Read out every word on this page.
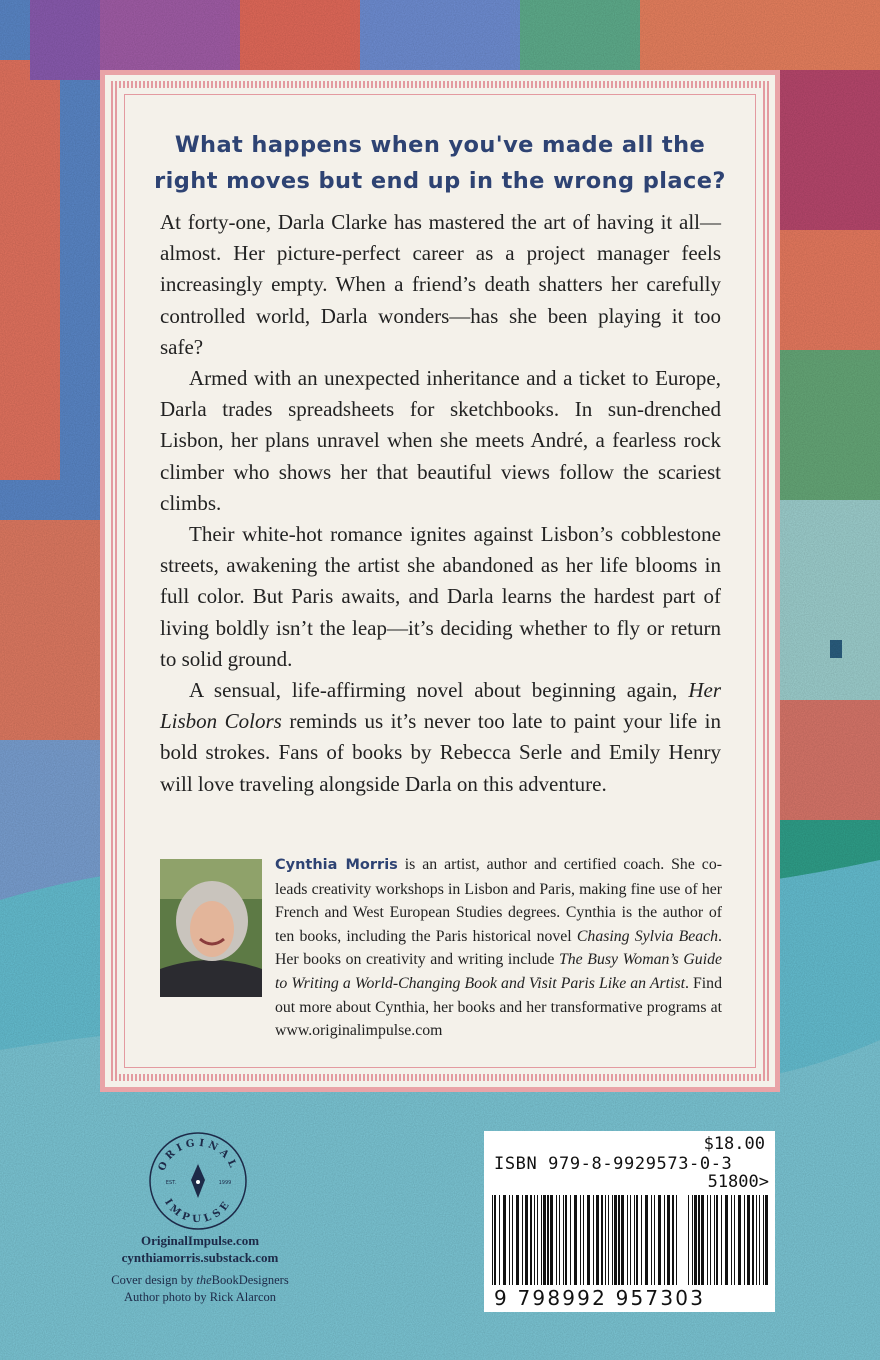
What happens when you've made all the right moves but end up in the wrong place?

At forty-one, Darla Clarke has mastered the art of having it all—almost. Her picture-perfect career as a project manager feels increasingly empty. When a friend’s death shatters her carefully controlled world, Darla wonders—has she been playing it too safe?

Armed with an unexpected inheritance and a ticket to Europe, Darla trades spreadsheets for sketchbooks. In sun-drenched Lisbon, her plans unravel when she meets André, a fearless rock climber who shows her that beautiful views follow the scariest climbs.

Their white-hot romance ignites against Lisbon’s cobblestone streets, awakening the artist she abandoned as her life blooms in full color. But Paris awaits, and Darla learns the hardest part of living boldly isn’t the leap—it’s deciding whether to fly or return to solid ground.

A sensual, life-affirming novel about beginning again, Her Lisbon Colors reminds us it’s never too late to paint your life in bold strokes. Fans of books by Rebecca Serle and Emily Henry will love traveling alongside Darla on this adventure.

Cynthia Morris is an artist, author and certified coach. She co-leads creativity workshops in Lisbon and Paris, making fine use of her French and West European Studies degrees. Cynthia is the author of ten books, including the Paris historical novel Chasing Sylvia Beach. Her books on creativity and writing include The Busy Woman’s Guide to Writing a World-Changing Book and Visit Paris Like an Artist. Find out more about Cynthia, her books and her transformative programs at www.originalimpulse.com
ORIGINAL
IMPULSE
EST.	1999
OriginalImpulse.com
cynthiamorris.substack.com
Cover design by theBookDesigners
Author photo by Rick Alarcon
$18.00
ISBN 979-8-9929573-0-3
51800>
9 798992 957303
